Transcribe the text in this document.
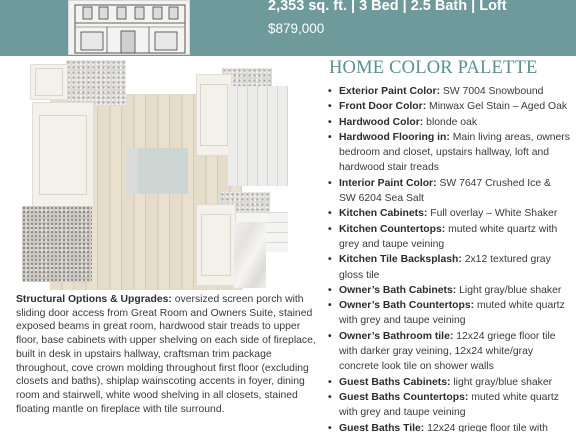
2,353 sq. ft. | 3 Bed | 2.5 Bath | Loft
$879,000
Structural Options & Upgrades: oversized screen porch with sliding door access from Great Room and Owners Suite, stained exposed beams in great room, hardwood stair treads to upper floor, base cabinets with upper shelving on each side of fireplace, built in desk in upstairs hallway, craftsman trim package throughout, cove crown molding throughout first floor (excluding closets and baths), shiplap wainscoting accents in foyer, dining room and stairwell, white wood shelving in all closets, stained floating mantle on fireplace with tile surround.
HOME COLOR PALETTE
• Exterior Paint Color: SW 7004 Snowbound
• Front Door Color: Minwax Gel Stain – Aged Oak
• Hardwood Color: blonde oak
• Hardwood Flooring in: Main living areas, owners bedroom and closet, upstairs hallway, loft and hardwood stair treads
• Interior Paint Color: SW 7647 Crushed Ice & SW 6204 Sea Salt
• Kitchen Cabinets: Full overlay – White Shaker
• Kitchen Countertops: muted white quartz with grey and taupe veining
• Kitchen Tile Backsplash: 2x12 textured gray gloss tile
• Owner’s Bath Cabinets: Light gray/blue shaker
• Owner’s Bath Countertops: muted white quartz with grey and taupe veining
• Owner’s Bathroom tile: 12x24 griege floor tile with darker gray veining, 12x24 white/gray concrete look tile on shower walls
• Guest Baths Cabinets: light gray/blue shaker
• Guest Baths Countertops: muted white quartz with grey and taupe veining
• Guest Baths Tile: 12x24 griege floor tile with
